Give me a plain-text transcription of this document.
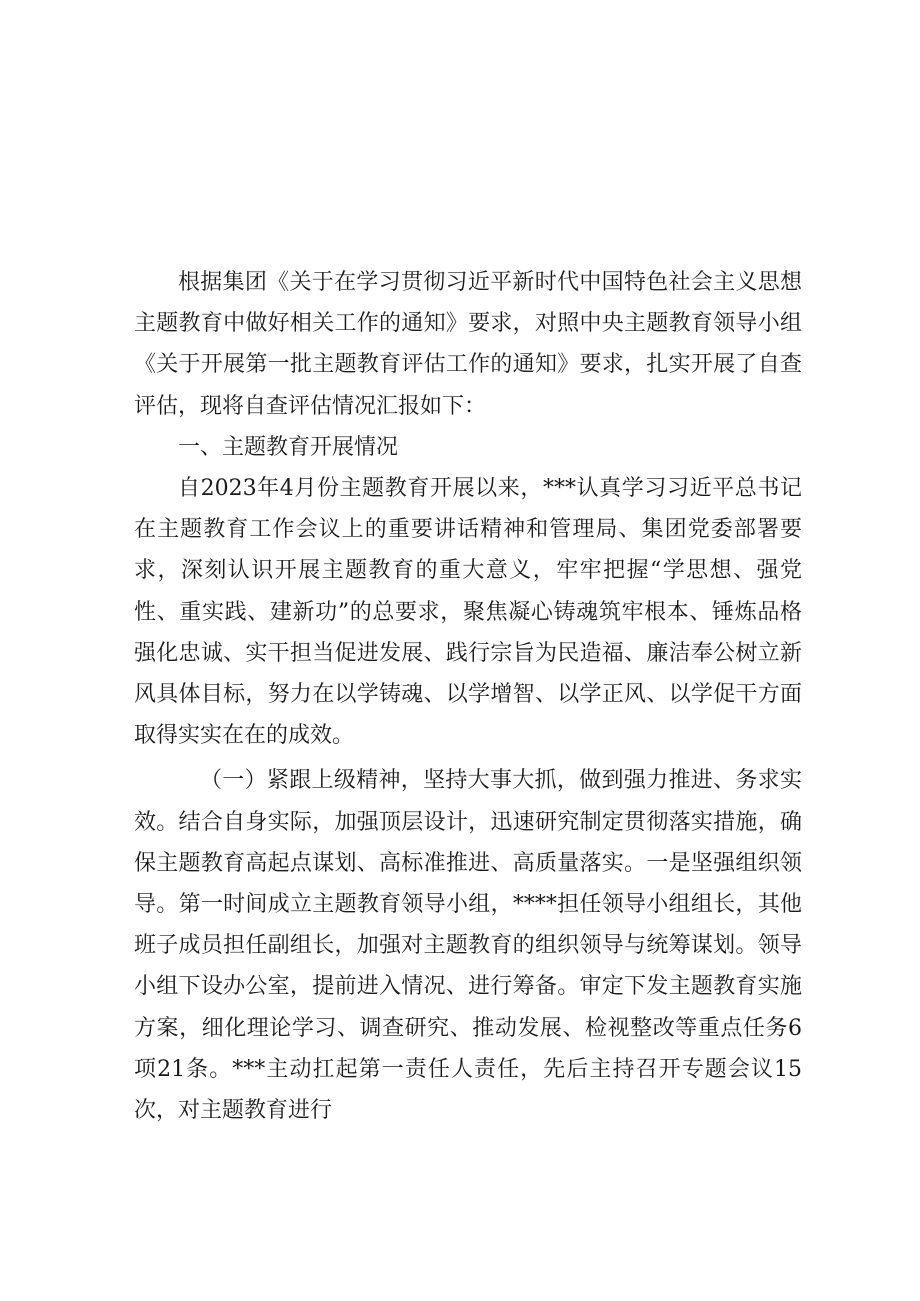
根据集团《关于在学习贯彻习近平新时代中国特色社会主义思想主题教育中做好相关工作的通知》要求，对照中央主题教育领导小组《关于开展第一批主题教育评估工作的通知》要求，扎实开展了自查评估，现将自查评估情况汇报如下：

一、主题教育开展情况

自2023年4月份主题教育开展以来，***认真学习习近平总书记在主题教育工作会议上的重要讲话精神和管理局、集团党委部署要求，深刻认识开展主题教育的重大意义，牢牢把握“学思想、强党性、重实践、建新功”的总要求，聚焦凝心铸魂筑牢根本、锤炼品格强化忠诚、实干担当促进发展、践行宗旨为民造福、廉洁奉公树立新风具体目标，努力在以学铸魂、以学增智、以学正风、以学促干方面取得实实在在的成效。

（一）紧跟上级精神，坚持大事大抓，做到强力推进、务求实效。结合自身实际，加强顶层设计，迅速研究制定贯彻落实措施，确保主题教育高起点谋划、高标准推进、高质量落实。一是坚强组织领导。第一时间成立主题教育领导小组，****担任领导小组组长，其他班子成员担任副组长，加强对主题教育的组织领导与统筹谋划。领导小组下设办公室，提前进入情况、进行筹备。审定下发主题教育实施方案，细化理论学习、调查研究、推动发展、检视整改等重点任务6项21条。***主动扛起第一责任人责任，先后主持召开专题会议15次，对主题教育进行
